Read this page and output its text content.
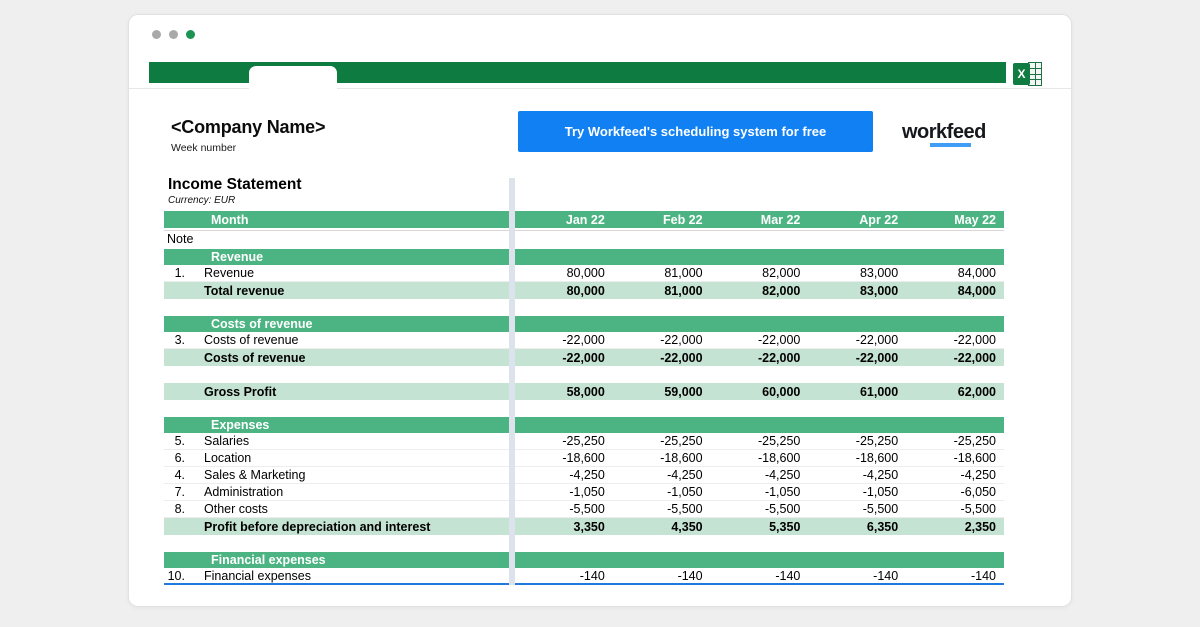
X
<Company Name>

Week number

Try Workfeed's scheduling system for free	workfeed
Income Statement

Currency: EUR

Month	Jan 22	Feb 22	Mar 22	Apr 22	May 22
Note
Revenue
1.	Revenue	80,000	81,000	82,000	83,000	84,000
Total revenue	80,000	81,000	82,000	83,000	84,000
Costs of revenue
3.	Costs of revenue	-22,000	-22,000	-22,000	-22,000	-22,000
Costs of revenue	-22,000	-22,000	-22,000	-22,000	-22,000
Gross Profit	58,000	59,000	60,000	61,000	62,000
Expenses
5.	Salaries	-25,250	-25,250	-25,250	-25,250	-25,250
6.	Location	-18,600	-18,600	-18,600	-18,600	-18,600
4.	Sales & Marketing	-4,250	-4,250	-4,250	-4,250	-4,250
7.	Administration	-1,050	-1,050	-1,050	-1,050	-6,050
8.	Other costs	-5,500	-5,500	-5,500	-5,500	-5,500
Profit before depreciation and interest	3,350	4,350	5,350	6,350	2,350
Financial expenses
10.	Financial expenses	-140	-140	-140	-140	-140
